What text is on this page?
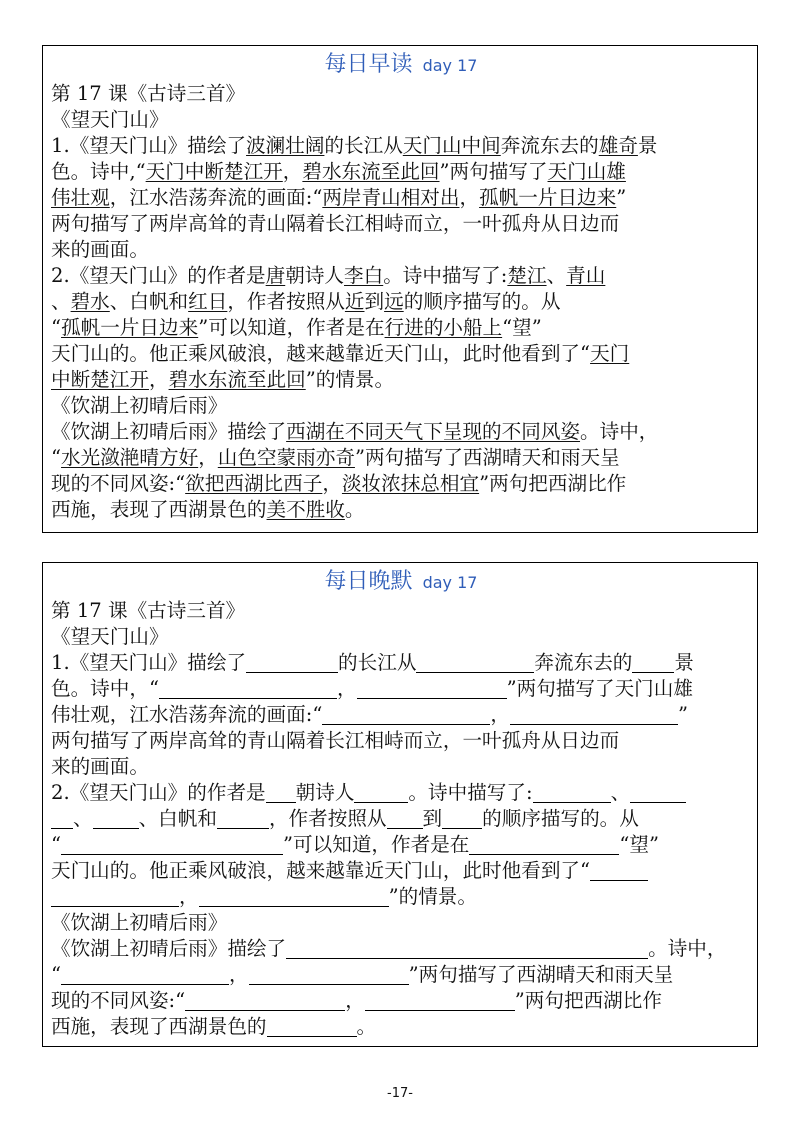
每日早读 day 17
第 17 课《古诗三首》
《望天门山》
1.《望天门山》描绘了波澜壮阔的长江从天门山中间奔流东去的雄奇景
色。诗中,“天门中断楚江开，碧水东流至此回”两句描写了天门山雄
伟壮观，江水浩荡奔流的画面:“两岸青山相对出，孤帆一片日边来”
两句描写了两岸高耸的青山隔着长江相峙而立，一叶孤舟从日边而
来的画面。
2.《望天门山》的作者是唐朝诗人李白。诗中描写了:楚江、青山
、碧水、白帆和红日，作者按照从近到远的顺序描写的。从
“孤帆一片日边来”可以知道，作者是在行进的小船上“望”
天门山的。他正乘风破浪，越来越靠近天门山，此时他看到了“天门
中断楚江开，碧水东流至此回”的情景。
《饮湖上初晴后雨》
《饮湖上初晴后雨》描绘了西湖在不同天气下呈现的不同风姿。诗中，
“水光潋滟晴方好，山色空蒙雨亦奇”两句描写了西湖晴天和雨天呈
现的不同风姿:“欲把西湖比西子，淡妆浓抹总相宜”两句把西湖比作
西施，表现了西湖景色的美不胜收。
每日晚默 day 17
第 17 课《古诗三首》
《望天门山》
1.《望天门山》描绘了	的长江从	奔流东去的 景
色。诗中，“	，	”两句描写了天门山雄
伟壮观，江水浩荡奔流的画面:“	，	”
两句描写了两岸高耸的青山隔着长江相峙而立，一叶孤舟从日边而
来的画面。
2.《望天门山》的作者是 朝诗人	。诗中描写了:	、
、 、白帆和	，作者按照从 到 的顺序描写的。从
“	”可以知道，作者是在	“望”
天门山的。他正乘风破浪，越来越靠近天门山，此时他看到了“
，	”的情景。
《饮湖上初晴后雨》
《饮湖上初晴后雨》描绘了	。诗中，
“	，	”两句描写了西湖晴天和雨天呈
现的不同风姿:“	，	”两句把西湖比作
西施，表现了西湖景色的	。
-17-
